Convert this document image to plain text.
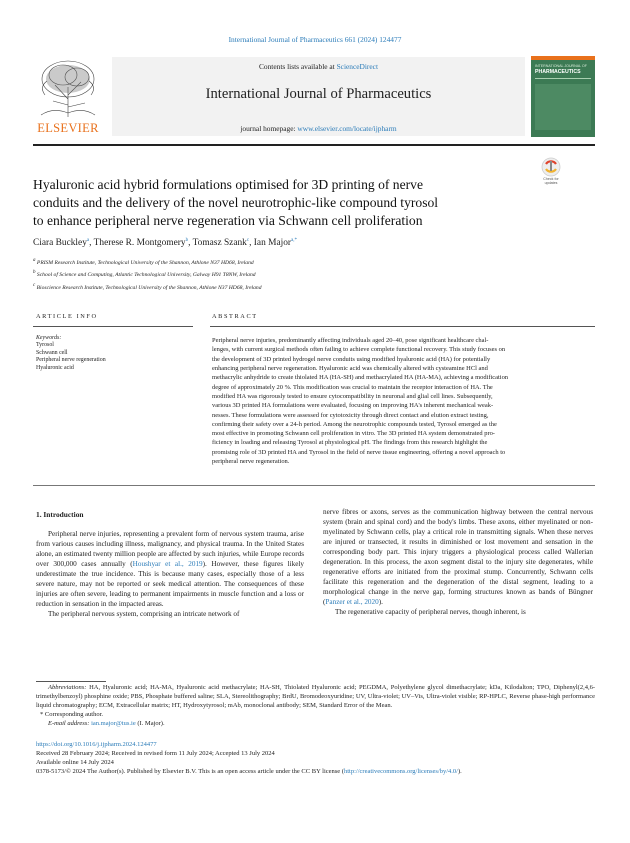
International Journal of Pharmaceutics 661 (2024) 124477
ELSEVIER
Contents lists available at ScienceDirect
International Journal of Pharmaceutics
journal homepage: www.elsevier.com/locate/ijpharm
INTERNATIONAL JOURNAL OF
PHARMACEUTICS
Hyaluronic acid hybrid formulations optimised for 3D printing of nerve
conduits and the delivery of the novel neurotrophic-like compound tyrosol
to enhance peripheral nerve regeneration via Schwann cell proliferation
Check for
updates
Ciara Buckley$^a$, Therese R. Montgomery$^b$, Tomasz Szank$^c$, Ian Major$^{a,*}$
$^a$ PRISM Research Institute, Technological University of the Shannon, Athlone N37 HD68, Ireland
$^b$ School of Science and Computing, Atlantic Technological University, Galway H91 T8NW, Ireland
$^c$ Bioscience Research Institute, Technological University of the Shannon, Athlone N37 HD68, Ireland
ARTICLE INFO	ABSTRACT
Keywords:
Tyrosol
Schwann cell
Peripheral nerve regeneration
Hyaluronic acid
Peripheral nerve injuries, predominantly affecting individuals aged 20–40, pose significant healthcare chal-
lenges, with current surgical methods often failing to achieve complete functional recovery. This study focuses on
the development of 3D printed hydrogel nerve conduits using modified hyaluronic acid (HA) for potentially
enhancing peripheral nerve regeneration. Hyaluronic acid was chemically altered with cysteamine HCl and
methacrylic anhydride to create thiolated HA (HA-SH) and methacrylated HA (HA-MA), achieving a modification
degree of approximately 20 %. This modification was crucial to maintain the receptor interaction of HA. The
modified HA was rigorously tested to ensure cytocompatibility in neuronal and glial cell lines. Subsequently,
various 3D printed HA formulations were evaluated, focusing on improving HA's inherent mechanical weak-
nesses. These formulations were assessed for cytotoxicity through direct contact and elution extract testing,
confirming their safety over a 24-h period. Among the neurotrophic compounds tested, Tyrosol emerged as the
most effective in promoting Schwann cell proliferation in vitro. The 3D printed HA system demonstrated pro-
ficiency in loading and releasing Tyrosol at physiological pH. The findings from this research highlight the
promising role of 3D printed HA and Tyrosol in the field of nerve tissue engineering, offering a novel approach to
peripheral nerve regeneration.
1. Introduction

Peripheral nerve injuries, representing a prevalent form of nervous system trauma, arise from various causes including illness, malignancy, and physical trauma. In the United States alone, an estimated twenty million people are affected by such injuries, while Europe records over 300,000 cases annually (Houshyar et al., 2019). However, these figures likely underestimate the true incidence. This is because many cases, especially those of a less severe nature, may not be reported or seek medical attention. The consequences of these injuries are often severe, leading to permanent impairments in muscle function and a loss or reduction in sensation in the impacted areas.

The peripheral nervous system, comprising an intricate network of

nerve fibres or axons, serves as the communication highway between the central nervous system (brain and spinal cord) and the body's limbs. These axons, either myelinated or non-myelinated by Schwann cells, play a critical role in transmitting signals. When these nerves are injured or transected, it results in diminished or lost movement and sensation in the corresponding body part. This injury triggers a physiological process called Wallerian degeneration. In this process, the axon segment distal to the injury site degenerates, while regenerative efforts are initiated from the proximal stump. Concurrently, Schwann cells facilitate this regeneration and the degeneration of the distal segment, leading to a morphological change in the nerve gap, forming structures known as bands of Büngner (Panzer et al., 2020).

The regenerative capacity of peripheral nerves, though inherent, is

Abbreviations: HA, Hyaluronic acid; HA-MA, Hyaluronic acid methacrylate; HA-SH, Thiolated Hyaluronic acid; PEGDMA, Polyethylene glycol dimethacrylate; kDa, Kilodalton; TPO, Diphenyl(2,4,6-trimethylbenzoyl) phosphine oxide; PBS, Phosphate buffered saline; SLA, Stereolithography; BrdU, Bromodeoxyuridine; UV, Ultra-violet; UV–Vis, Ultra-violet visible; RP-HPLC, Reverse phase-high performance liquid chromatography; ECM, Extracellular matrix; HT, Hydroxytyrosol; mAb, monoclonal antibody; SEM, Standard Error of the Mean.
* Corresponding author.
E-mail address: ian.major@tus.ie (I. Major).
https://doi.org/10.1016/j.ijpharm.2024.124477
Received 28 February 2024; Received in revised form 11 July 2024; Accepted 13 July 2024
Available online 14 July 2024
0378-5173/© 2024 The Author(s). Published by Elsevier B.V. This is an open access article under the CC BY license (http://creativecommons.org/licenses/by/4.0/).
